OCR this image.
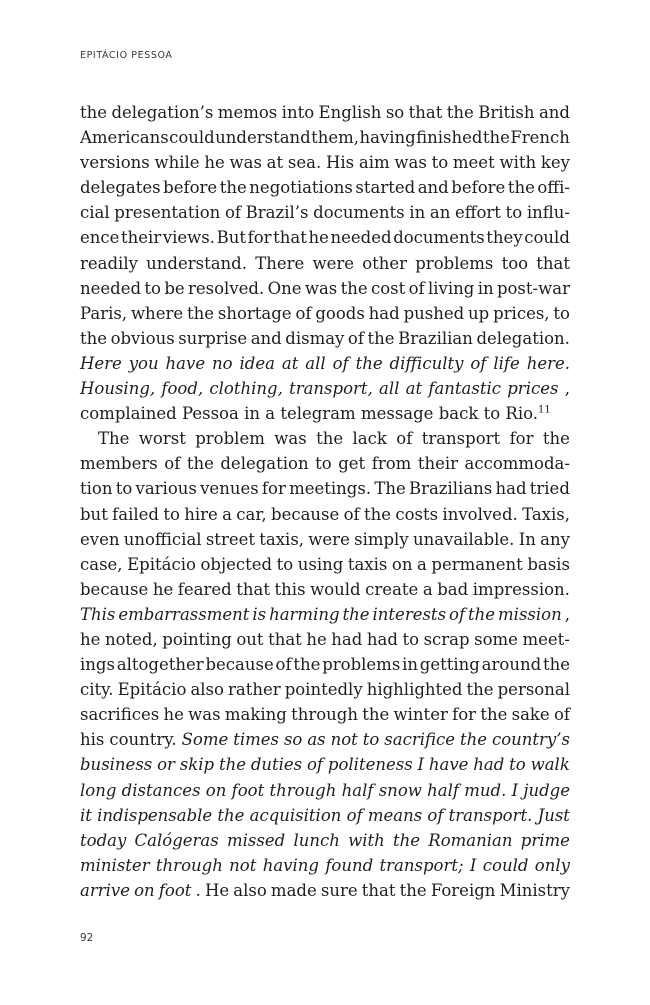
EPITÁCIO PESSOA
the delegation’s memos into English so that the British and
Americans could understand them, having finished the French
versions while he was at sea. His aim was to meet with key
delegates before the negotiations started and before the offi-
cial presentation of Brazil’s documents in an effort to influ-
ence their views. But for that he needed documents they could
readily understand. There were other problems too that
needed to be resolved. One was the cost of living in post-war
Paris, where the shortage of goods had pushed up prices, to
the obvious surprise and dismay of the Brazilian delegation.
Here you have no idea at all of the difficulty of life here.
Housing, food, clothing, transport, all at fantastic prices ,
complained Pessoa in a telegram message back to Rio.$^{11}$
The worst problem was the lack of transport for the
members of the delegation to get from their accommoda-
tion to various venues for meetings. The Brazilians had tried
but failed to hire a car, because of the costs involved. Taxis,
even unofficial street taxis, were simply unavailable. In any
case, Epitácio objected to using taxis on a permanent basis
because he feared that this would create a bad impression.
This embarrassment is harming the interests of the mission ,
he noted, pointing out that he had had to scrap some meet-
ings altogether because of the problems in getting around the
city. Epitácio also rather pointedly highlighted the personal
sacrifices he was making through the winter for the sake of
his country. Some times so as not to sacrifice the country’s
business or skip the duties of politeness I have had to walk
long distances on foot through half snow half mud. I judge
it indispensable the acquisition of means of transport. Just
today Calógeras missed lunch with the Romanian prime
minister through not having found transport; I could only
arrive on foot . He also made sure that the Foreign Ministry
92
